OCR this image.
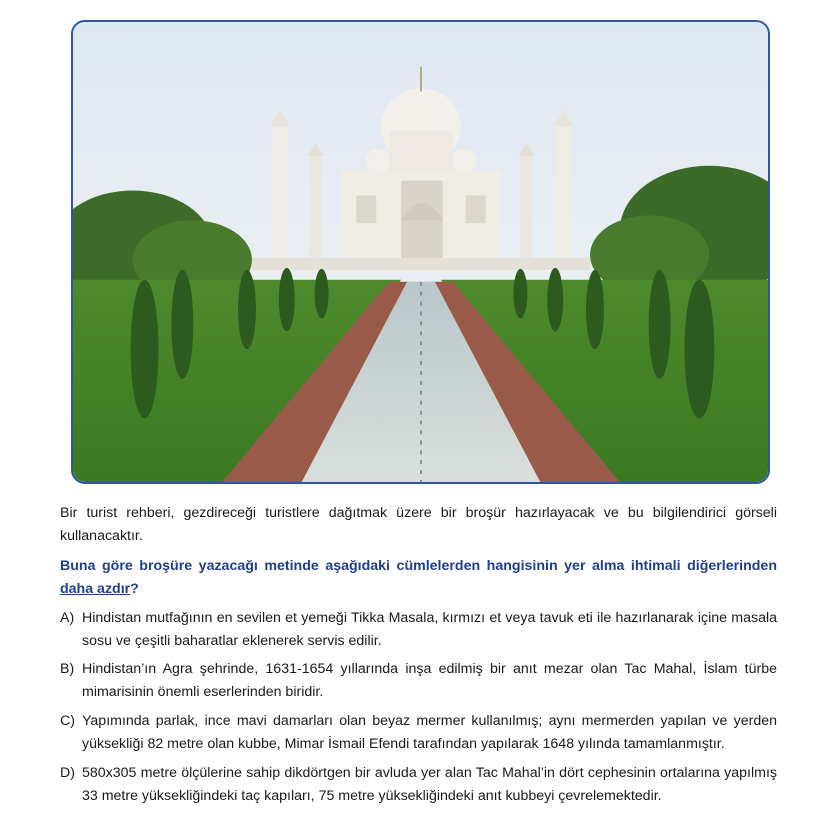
Bir turist rehberi, gezdireceği turistlere dağıtmak üzere bir broşür hazırlayacak ve bu bilgilendirici görseli kullanacaktır.
Buna göre broşüre yazacağı metinde aşağıdaki cümlelerden hangisinin yer alma ihtimali diğerlerinden daha azdır?
A) Hindistan mutfağının en sevilen et yemeği Tikka Masala, kırmızı et veya tavuk eti ile hazırlanarak içine masala sosu ve çeşitli baharatlar eklenerek servis edilir.
B) Hindistan’ın Agra şehrinde, 1631-1654 yıllarında inşa edilmiş bir anıt mezar olan Tac Mahal, İslam türbe mimarisinin önemli eserlerinden biridir.
C) Yapımında parlak, ince mavi damarları olan beyaz mermer kullanılmış; aynı mermerden yapılan ve yerden yüksekliği 82 metre olan kubbe, Mimar İsmail Efendi tarafından yapılarak 1648 yılında tamamlanmıştır.
D) 580x305 metre ölçülerine sahip dikdörtgen bir avluda yer alan Tac Mahal’in dört cephesinin ortalarına yapılmış 33 metre yüksekliğindeki taç kapıları, 75 metre yüksekliğindeki anıt kubbeyi çevrelemektedir.
